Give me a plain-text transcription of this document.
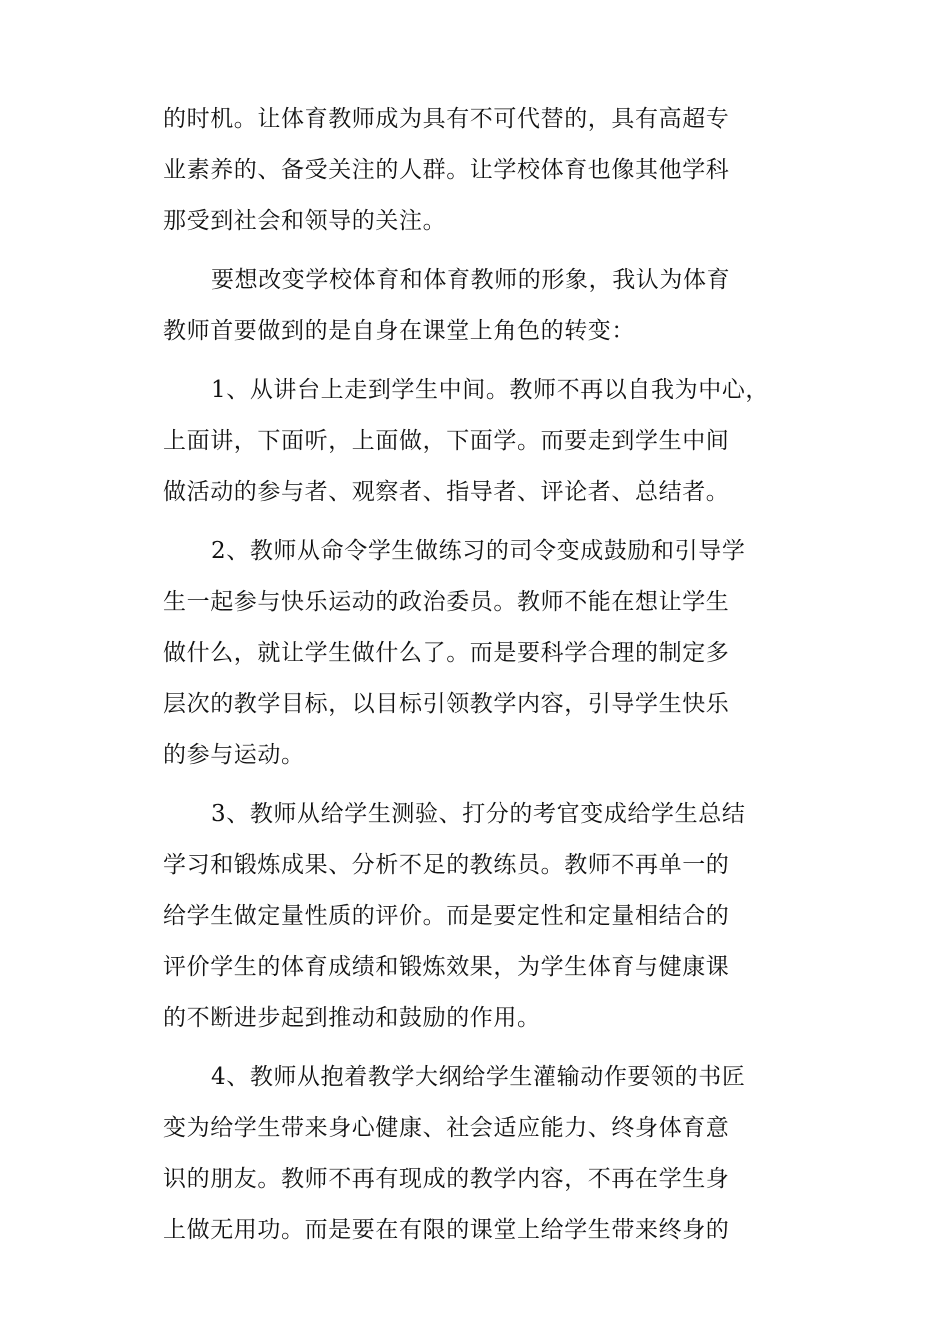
的时机。让体育教师成为具有不可代替的，具有高超专
业素养的、备受关注的人群。让学校体育也像其他学科
那受到社会和领导的关注。
要想改变学校体育和体育教师的形象，我认为体育
教师首要做到的是自身在课堂上角色的转变：
1、从讲台上走到学生中间。教师不再以自我为中心，
上面讲，下面听，上面做，下面学。而要走到学生中间
做活动的参与者、观察者、指导者、评论者、总结者。
2、教师从命令学生做练习的司令变成鼓励和引导学
生一起参与快乐运动的政治委员。教师不能在想让学生
做什么，就让学生做什么了。而是要科学合理的制定多
层次的教学目标，以目标引领教学内容，引导学生快乐
的参与运动。
3、教师从给学生测验、打分的考官变成给学生总结
学习和锻炼成果、分析不足的教练员。教师不再单一的
给学生做定量性质的评价。而是要定性和定量相结合的
评价学生的体育成绩和锻炼效果，为学生体育与健康课
的不断进步起到推动和鼓励的作用。
4、教师从抱着教学大纲给学生灌输动作要领的书匠
变为给学生带来身心健康、社会适应能力、终身体育意
识的朋友。教师不再有现成的教学内容，不再在学生身
上做无用功。而是要在有限的课堂上给学生带来终身的
